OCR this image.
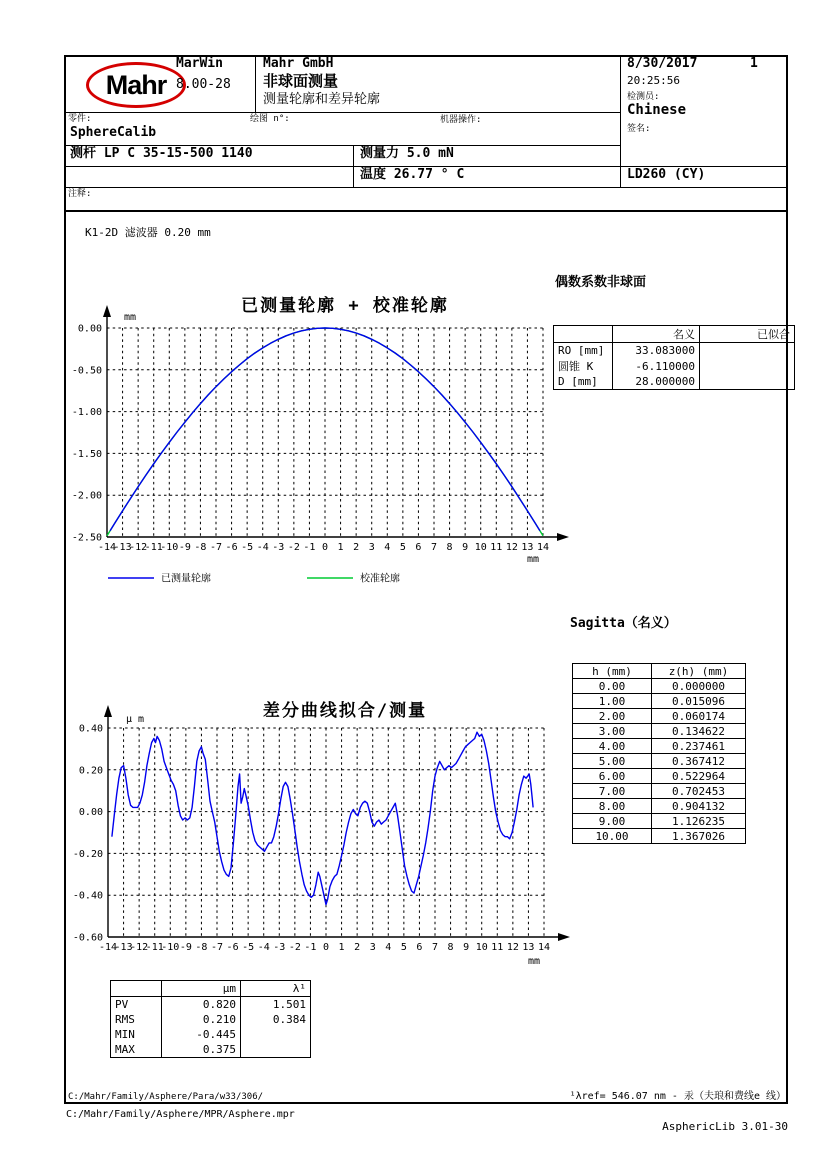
Mahr
MarWin
8.00-28
Mahr GmbH
非球面测量
测量轮廓和差异轮廓
8/30/2017	1
20:25:56
检测员:
Chinese
签名:
零件:	绘图 n°:	机器操作:
SphereCalib
测杆 LP C 35-15-500 1140	测量力 5.0 mN
温度 26.77 ° C	LD260 (CY)
注释:
K1-2D 滤波器 0.20 mm
已测量轮廓 + 校准轮廓
-14
-13
-12
-11
-10 -9 -8 -7 -6 -5 -4 -3 -2 -1 0 1 2 3 4 5 6 7 8 9 10 11 12 13 14
0.00
-0.50
-1.00
-1.50
-2.00
-2.50
mm
mm
已测量轮廓	校准轮廓
偶数系数非球面
	名义	已似合
RO [mm]	33.083000	
圆锥 K	-6.110000	
D [mm]	28.000000	
Sagitta（名义）
h (mm)	z(h) (mm)
0.00	0.000000
1.00	0.015096
2.00	0.060174
3.00	0.134622
4.00	0.237461
5.00	0.367412
6.00	0.522964
7.00	0.702453
8.00	0.904132
9.00	1.126235
10.00	1.367026
差分曲线拟合/测量
-14
-13
-12
-11
-10 -9 -8 -7 -6 -5 -4 -3 -2 -1 0 1 2 3 4 5 6 7 8 9 10 11 12 13 14
0.40
0.20
0.00
-0.20
-0.40
-0.60
μ m
mm
	μm	λ¹
PV	0.820	1.501
RMS	0.210	0.384
MIN	-0.445	
MAX	0.375	
C:/Mahr/Family/Asphere/Para/w33/306/	¹λref= 546.07 nm - 汞（夫琅和费线e 线）
C:/Mahr/Family/Asphere/MPR/Asphere.mpr
AsphericLib 3.01-30
